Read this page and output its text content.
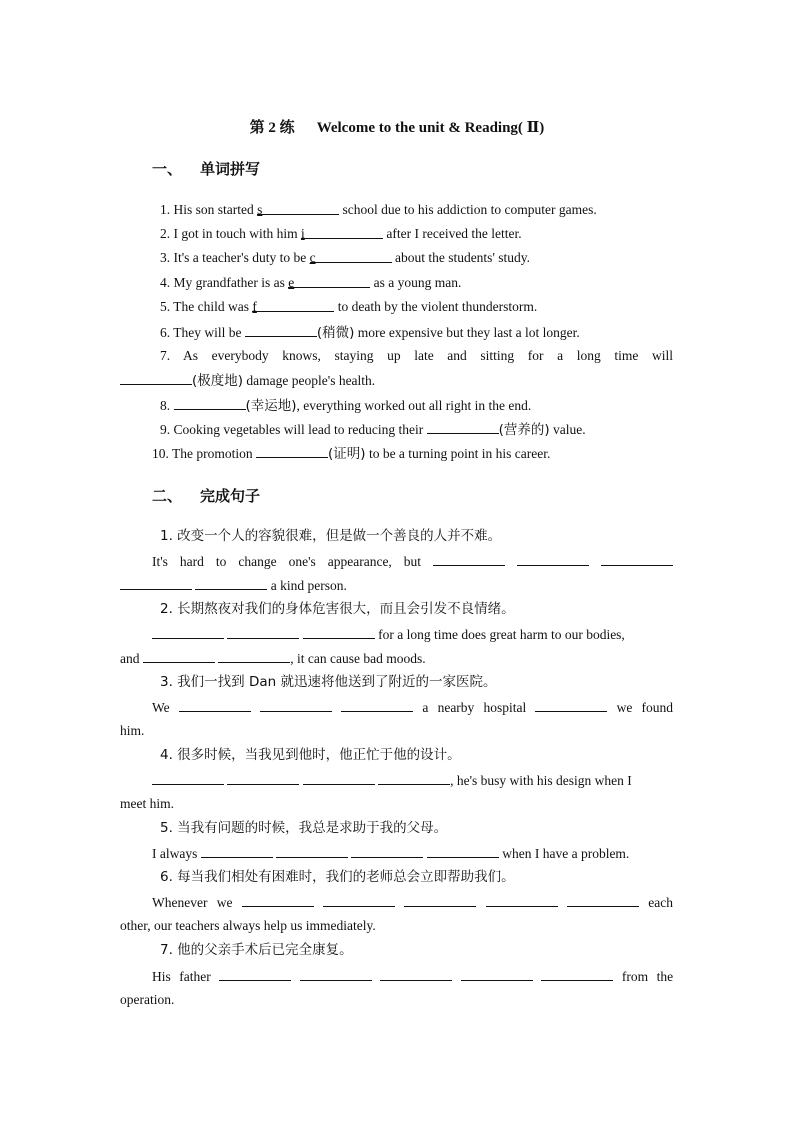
第 2 练 Welcome to the unit & Reading( Ⅱ)
一、 单词拼写
1. His son started s	school due to his addiction to computer games.
2. I got in touch with him i	after I received the letter.
3. It's a teacher's duty to be c	about the students' study.
4. My grandfather is as e	as a young man.
5. The child was f	to death by the violent thunderstorm.
6. They will be	(稍微) more expensive but they last a lot longer.
7. As everybody knows, staying up late and sitting for a long time will
(极度地) damage people's health.
8.	(幸运地), everything worked out all right in the end.
9. Cooking vegetables will lead to reducing their	(营养的) value.
10. The promotion	(证明) to be a turning point in his career.
二、 完成句子
1. 改变一个人的容貌很难，但是做一个善良的人并不难。
It's hard to change one's appearance, but
a kind person.
2. 长期熬夜对我们的身体危害很大，而且会引发不良情绪。
for a long time does great harm to our bodies,
and	, it can cause bad moods.
3. 我们一找到 Dan 就迅速将他送到了附近的一家医院。
We	a nearby hospital	we found
him.
4. 很多时候，当我见到他时，他正忙于他的设计。
, he's busy with his design when I
meet him.
5. 当我有问题的时候，我总是求助于我的父母。
I always	when I have a problem.
6. 每当我们相处有困难时，我们的老师总会立即帮助我们。
Whenever we	each
other, our teachers always help us immediately.
7. 他的父亲手术后已完全康复。
His father	from the
operation.
